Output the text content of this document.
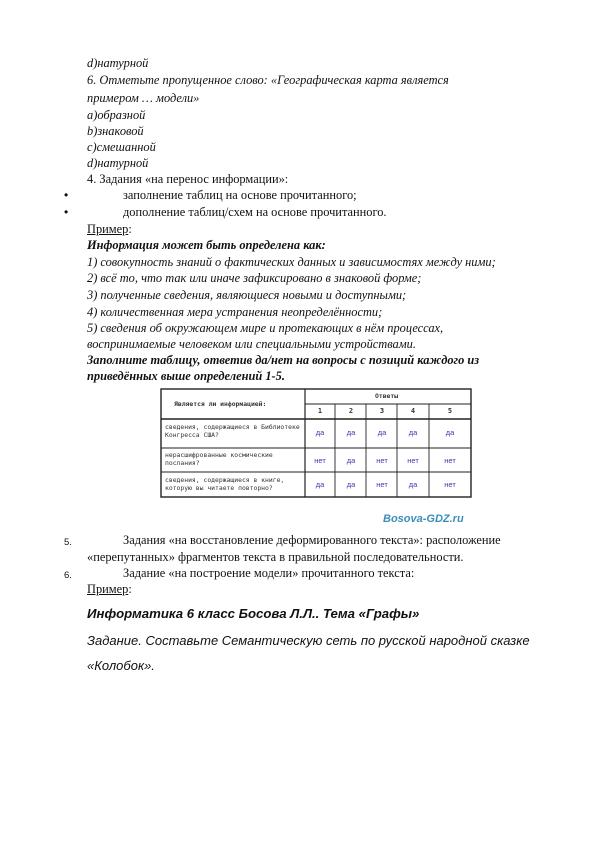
d)натурной
6. Отметьте пропущенное слово: «Географическая карта является
примером … модели»
a)образной
b)знаковой
c)смешанной
d)натурной
4. Задания «на перенос информации»:
•	заполнение таблиц на основе прочитанного;
•	дополнение таблиц/схем на основе прочитанного.
Пример:
Информация может быть определена как:
1) совокупность знаний о фактических данных и зависимостях между ними;
2) всё то, что так или иначе зафиксировано в знаковой форме;
3) полученные сведения, являющиеся новыми и доступными;
4) количественная мера устранения неопределённости;
5) сведения об окружающем мире и протекающих в нём процессах,
воспринимаемые человеком или специальными устройствами.
Заполните таблицу, ответив да/нет на вопросы с позиций каждого из
приведённых выше определений 1-5.
Является ли информацией:
Ответы
1	2	3	4	5
сведения, содержащиеся в Библиотеке
Конгресса США?	да	да	да	да	да
нерасшифрованные космические
послания?	нет	да	нет	нет	нет
сведения, содержащиеся в книге,
которую вы читаете повторно?	да	да	нет	да	нет
Bosova-GDZ.ru
5.	Задания «на восстановление деформированного текста»: расположение
«перепутанных» фрагментов текста в правильной последовательности.
6.	Задание «на построение модели» прочитанного текста:
Пример:
Информатика 6 класс Босова Л.Л.. Тема «Графы»
Задание. Составьте Семантическую сеть по русской народной сказке
«Колобок».
